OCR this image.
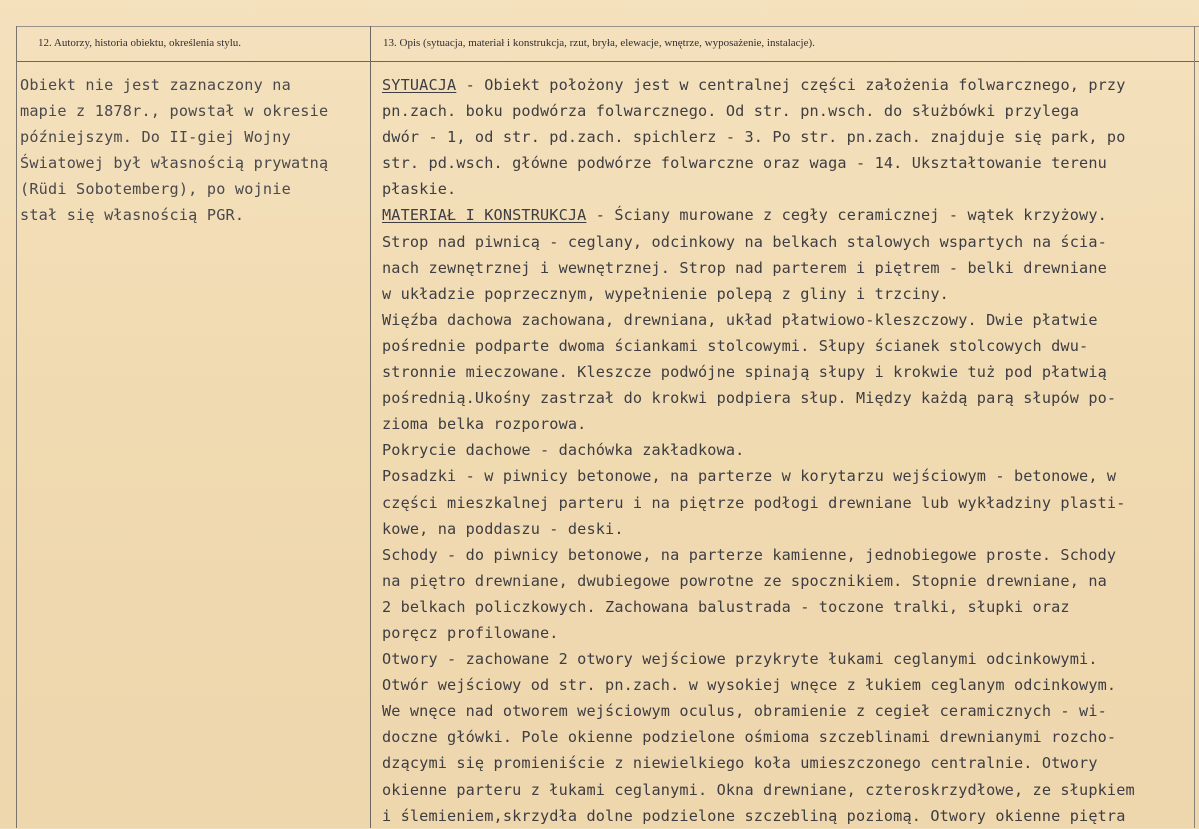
12. Autorzy, historia obiektu, określenia stylu.	13. Opis (sytuacja, materiał i konstrukcja, rzut, bryła, elewacje, wnętrze, wyposażenie, instalacje).
Obiekt nie jest zaznaczony na
mapie z 1878r., powstał w okresie
późniejszym. Do II-giej Wojny
Światowej był własnością prywatną
(Rüdi Sobotemberg), po wojnie
stał się własnością PGR.
SYTUACJA - Obiekt położony jest w centralnej części założenia folwarcznego, przy
pn.zach. boku podwórza folwarcznego. Od str. pn.wsch. do służbówki przylega
dwór - 1, od str. pd.zach. spichlerz - 3. Po str. pn.zach. znajduje się park, po
str. pd.wsch. główne podwórze folwarczne oraz waga - 14. Ukształtowanie terenu
płaskie.
MATERIAŁ I KONSTRUKCJA - Ściany murowane z cegły ceramicznej - wątek krzyżowy.
Strop nad piwnicą - ceglany, odcinkowy na belkach stalowych wspartych na ścia-
nach zewnętrznej i wewnętrznej. Strop nad parterem i piętrem - belki drewniane
w układzie poprzecznym, wypełnienie polepą z gliny i trzciny.
Więźba dachowa zachowana, drewniana, układ płatwiowo-kleszczowy. Dwie płatwie
pośrednie podparte dwoma ściankami stolcowymi. Słupy ścianek stolcowych dwu-
stronnie mieczowane. Kleszcze podwójne spinają słupy i krokwie tuż pod płatwią
pośrednią.Ukośny zastrzał do krokwi podpiera słup. Między każdą parą słupów po-
zioma belka rozporowa.
Pokrycie dachowe - dachówka zakładkowa.
Posadzki - w piwnicy betonowe, na parterze w korytarzu wejściowym - betonowe, w
części mieszkalnej parteru i na piętrze podłogi drewniane lub wykładziny plasti-
kowe, na poddaszu - deski.
Schody - do piwnicy betonowe, na parterze kamienne, jednobiegowe proste. Schody
na piętro drewniane, dwubiegowe powrotne ze spocznikiem. Stopnie drewniane, na
2 belkach policzkowych. Zachowana balustrada - toczone tralki, słupki oraz
poręcz profilowane.
Otwory - zachowane 2 otwory wejściowe przykryte łukami ceglanymi odcinkowymi.
Otwór wejściowy od str. pn.zach. w wysokiej wnęce z łukiem ceglanym odcinkowym.
We wnęce nad otworem wejściowym oculus, obramienie z cegieł ceramicznych - wi-
doczne główki. Pole okienne podzielone ośmioma szczeblinami drewnianymi rozcho-
dzącymi się promieniście z niewielkiego koła umieszczonego centralnie. Otwory
okienne parteru z łukami ceglanymi. Okna drewniane, czteroskrzydłowe, ze słupkiem
i ślemieniem,skrzydła dolne podzielone szczebliną poziomą. Otwory okienne piętra
